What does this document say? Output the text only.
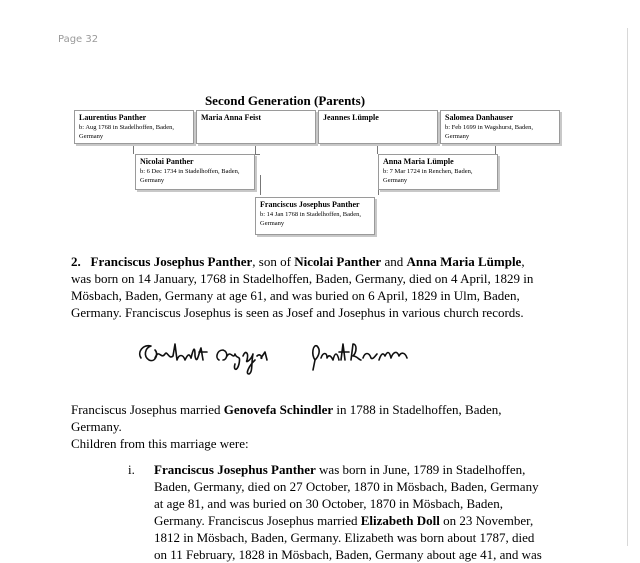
Page 32
Second Generation (Parents)
Laurentius Panther
b: Aug 1768 in Stadelhoffen, Baden, Germany
Maria Anna Feist	Jeannes Lümple	Salomea Danhauser
b: Feb 1699 in Wagshurst, Baden, Germany
Nicolai Panther
b: 6 Dec 1734 in Stadelhoffen, Baden, Germany
Anna Maria Lümple
b: 7 Mar 1724 in Renchen, Baden, Germany
Franciscus Josephus Panther
b: 14 Jan 1768 in Stadelhoffen, Baden, Germany
2. Franciscus Josephus Panther, son of Nicolai Panther and Anna Maria Lümple,
was born on 14 January, 1768 in Stadelhoffen, Baden, Germany, died on 4 April, 1829 in
Mösbach, Baden, Germany at age 61, and was buried on 6 April, 1829 in Ulm, Baden,
Germany. Franciscus Josephus is seen as Josef and Josephus in various church records.
Franciscus Josephus married Genovefa Schindler in 1788 in Stadelhoffen, Baden,
Germany.
Children from this marriage were:
i. Franciscus Josephus Panther was born in June, 1789 in Stadelhoffen,
Baden, Germany, died on 27 October, 1870 in Mösbach, Baden, Germany
at age 81, and was buried on 30 October, 1870 in Mösbach, Baden,
Germany. Franciscus Josephus married Elizabeth Doll on 23 November,
1812 in Mösbach, Baden, Germany. Elizabeth was born about 1787, died
on 11 February, 1828 in Mösbach, Baden, Germany about age 41, and was
